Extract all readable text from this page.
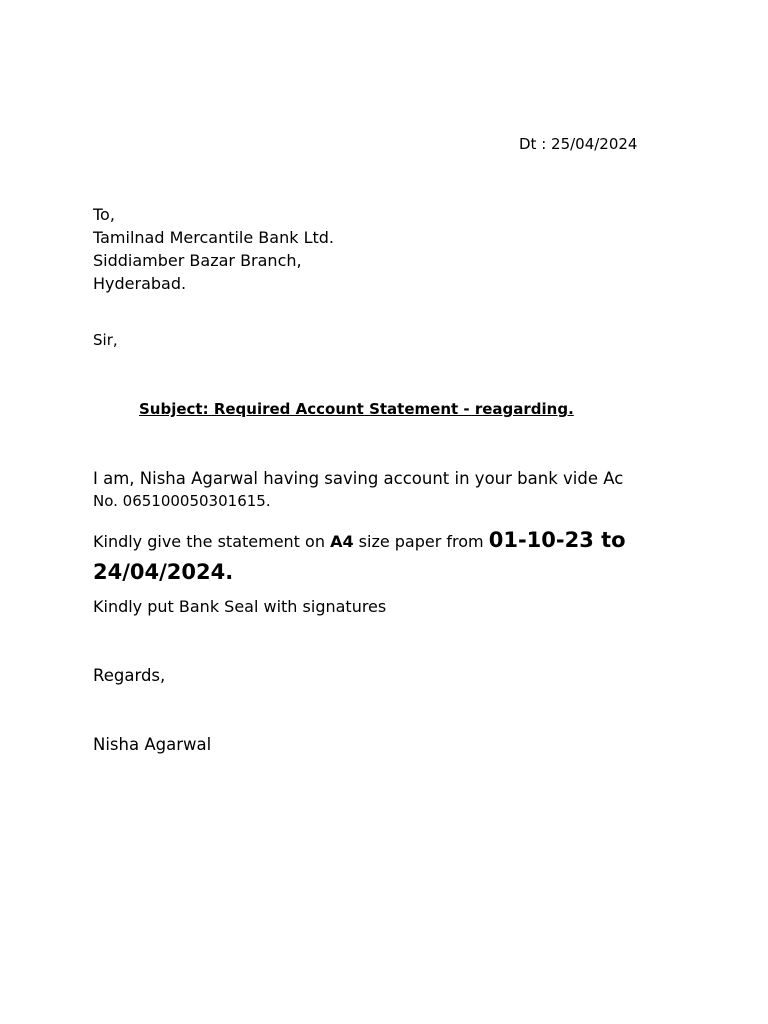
Dt : 25/04/2024
To,
Tamilnad Mercantile Bank Ltd.
Siddiamber Bazar Branch,
Hyderabad.
Sir,
Subject: Required Account Statement - reagarding.
I am, Nisha Agarwal having saving account in your bank vide Ac
No. 065100050301615.
Kindly give the statement on A4 size paper from 01-10-23 to 24/04/2024.
Kindly put Bank Seal with signatures
Regards,
Nisha Agarwal
